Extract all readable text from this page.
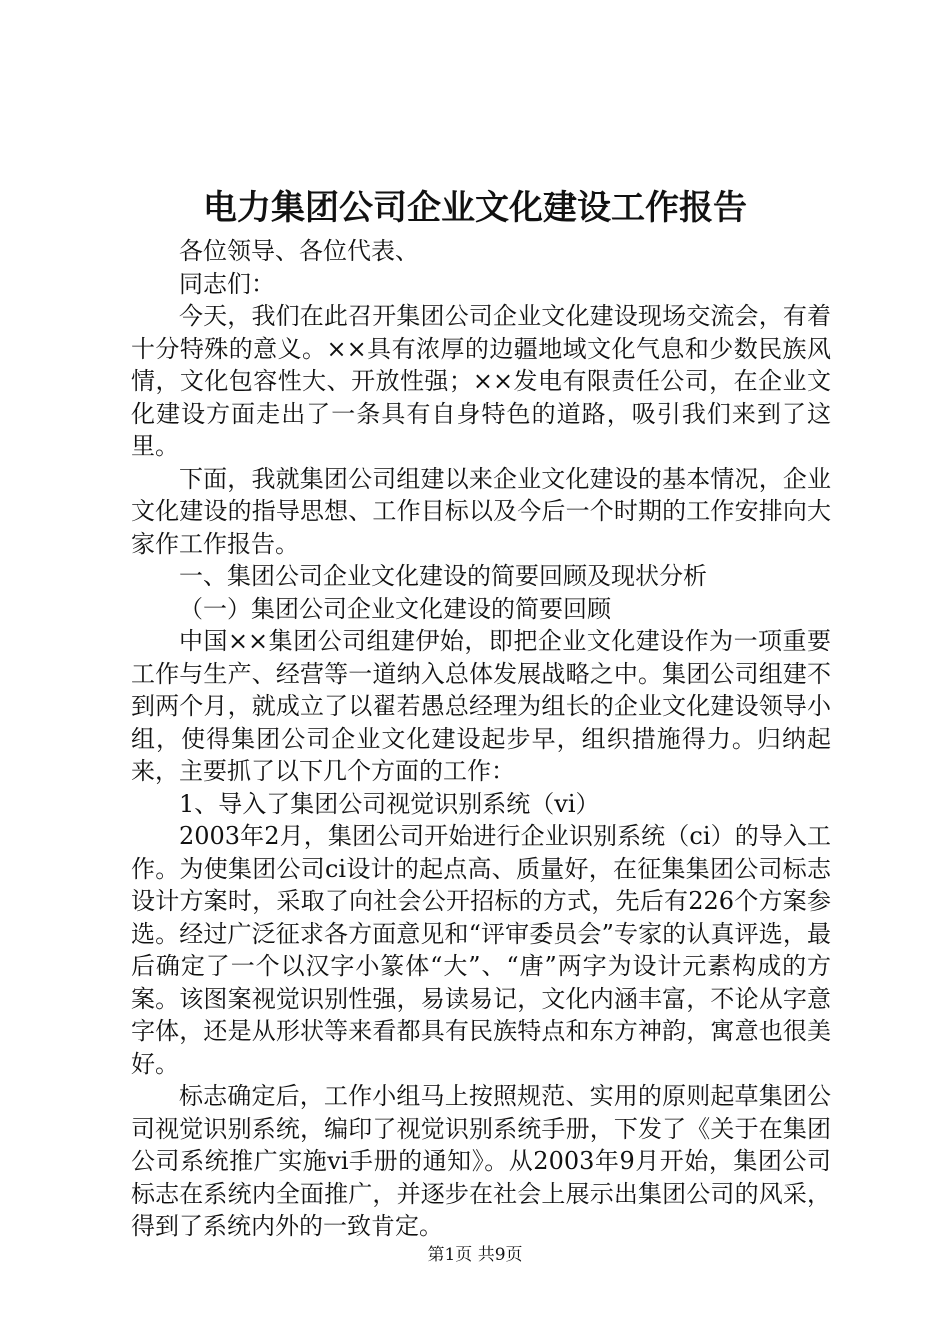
电力集团公司企业文化建设工作报告

各位领导、各位代表、

同志们：

今天，我们在此召开集团公司企业文化建设现场交流会，有着十分特殊的意义。××具有浓厚的边疆地域文化气息和少数民族风情，文化包容性大、开放性强；××发电有限责任公司，在企业文化建设方面走出了一条具有自身特色的道路，吸引我们来到了这里。

下面，我就集团公司组建以来企业文化建设的基本情况，企业文化建设的指导思想、工作目标以及今后一个时期的工作安排向大家作工作报告。

一、集团公司企业文化建设的简要回顾及现状分析

（一）集团公司企业文化建设的简要回顾

中国××集团公司组建伊始，即把企业文化建设作为一项重要工作与生产、经营等一道纳入总体发展战略之中。集团公司组建不到两个月，就成立了以翟若愚总经理为组长的企业文化建设领导小组，使得集团公司企业文化建设起步早，组织措施得力。归纳起来，主要抓了以下几个方面的工作：

1、导入了集团公司视觉识别系统（vi）

2003年2月，集团公司开始进行企业识别系统（ci）的导入工作。为使集团公司ci设计的起点高、质量好，在征集集团公司标志设计方案时，采取了向社会公开招标的方式，先后有226个方案参选。经过广泛征求各方面意见和“评审委员会”专家的认真评选，最后确定了一个以汉字小篆体“大”、“唐”两字为设计元素构成的方案。该图案视觉识别性强，易读易记，文化内涵丰富，不论从字意字体，还是从形状等来看都具有民族特点和东方神韵，寓意也很美好。

标志确定后，工作小组马上按照规范、实用的原则起草集团公司视觉识别系统，编印了视觉识别系统手册，下发了《关于在集团公司系统推广实施vi手册的通知》。从2003年9月开始，集团公司标志在系统内全面推广，并逐步在社会上展示出集团公司的风采，得到了系统内外的一致肯定。

第1页 共9页
